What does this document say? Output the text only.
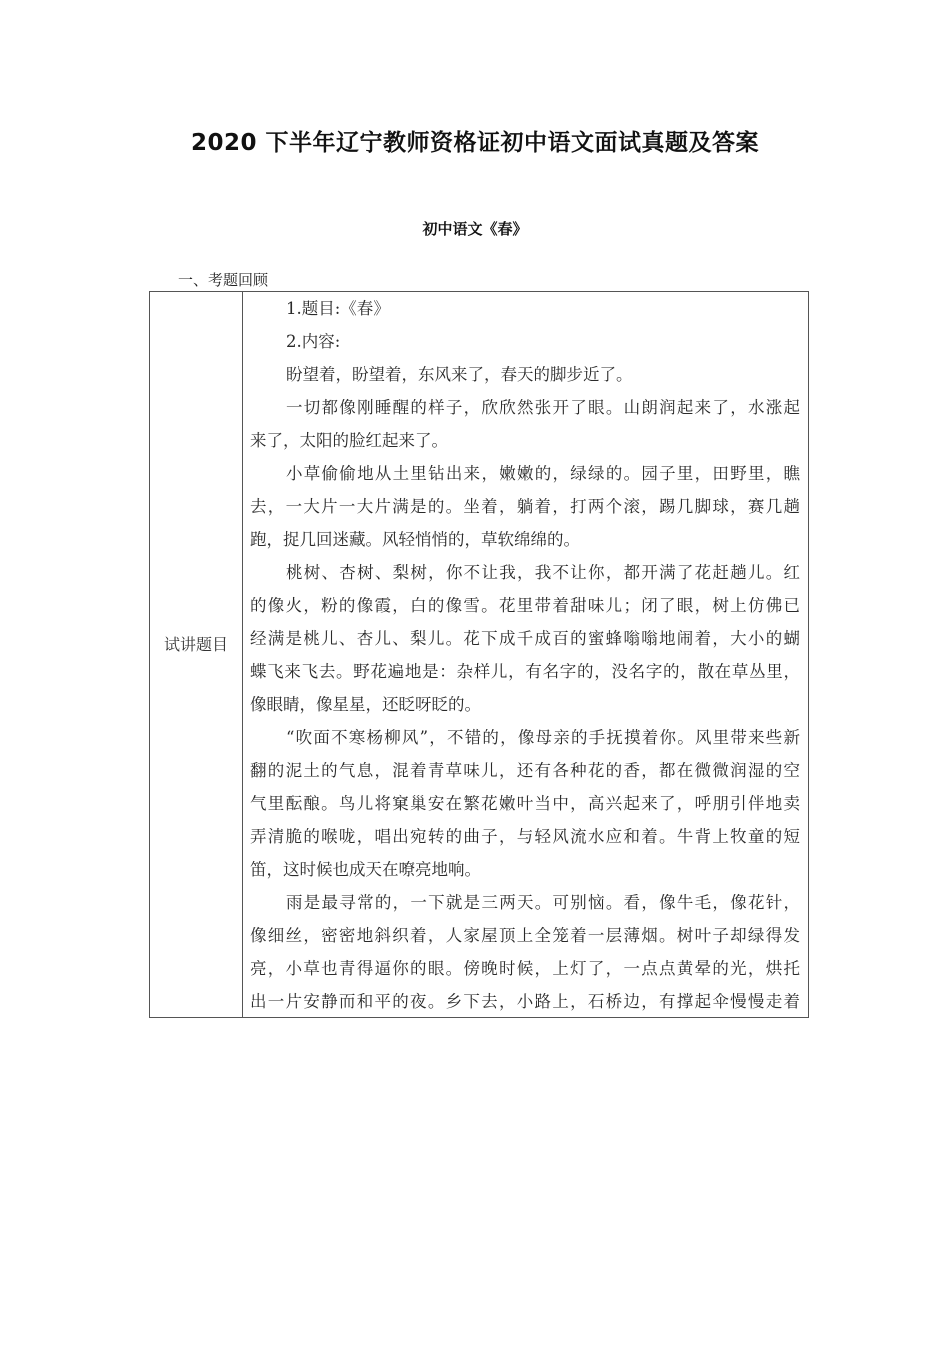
2020 下半年辽宁教师资格证初中语文面试真题及答案
初中语文《春》
一、考题回顾
试讲题目
1.题目:《春》
2.内容:
盼望着，盼望着，东风来了，春天的脚步近了。
一切都像刚睡醒的样子，欣欣然张开了眼。山朗润起来了，水涨起
来了，太阳的脸红起来了。
小草偷偷地从土里钻出来，嫩嫩的，绿绿的。园子里，田野里，瞧
去，一大片一大片满是的。坐着，躺着，打两个滚，踢几脚球，赛几趟
跑，捉几回迷藏。风轻悄悄的，草软绵绵的。
桃树、杏树、梨树，你不让我，我不让你，都开满了花赶趟儿。红
的像火，粉的像霞，白的像雪。花里带着甜味儿；闭了眼，树上仿佛已
经满是桃儿、杏儿、梨儿。花下成千成百的蜜蜂嗡嗡地闹着，大小的蝴
蝶飞来飞去。野花遍地是：杂样儿，有名字的，没名字的，散在草丛里，
像眼睛，像星星，还眨呀眨的。
“吹面不寒杨柳风”，不错的，像母亲的手抚摸着你。风里带来些新
翻的泥土的气息，混着青草味儿，还有各种花的香，都在微微润湿的空
气里酝酿。鸟儿将窠巢安在繁花嫩叶当中，高兴起来了，呼朋引伴地卖
弄清脆的喉咙，唱出宛转的曲子，与轻风流水应和着。牛背上牧童的短
笛，这时候也成天在嘹亮地响。
雨是最寻常的，一下就是三两天。可别恼。看，像牛毛，像花针，
像细丝，密密地斜织着，人家屋顶上全笼着一层薄烟。树叶子却绿得发
亮，小草也青得逼你的眼。傍晚时候，上灯了，一点点黄晕的光，烘托
出一片安静而和平的夜。乡下去，小路上，石桥边，有撑起伞慢慢走着
